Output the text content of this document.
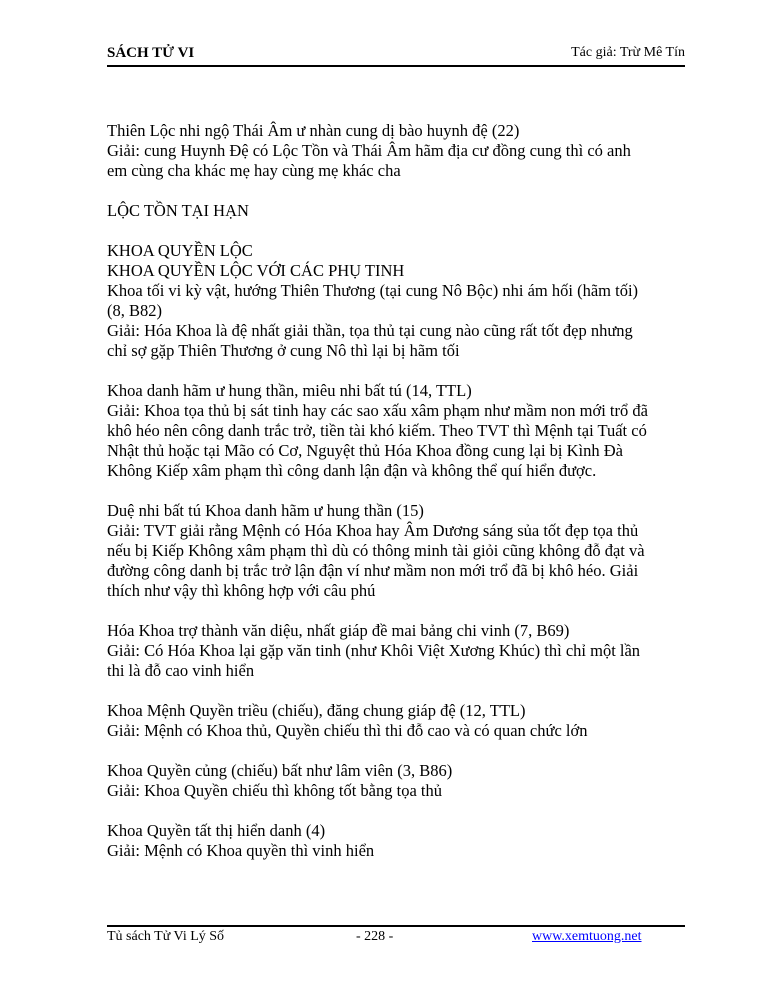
SÁCH TỬ VI	Tác giả: Trừ Mê Tín
Thiên Lộc nhi ngộ Thái Âm ư nhàn cung dị bào huynh đệ (22)
Giải: cung Huynh Đệ có Lộc Tồn và Thái Âm hãm địa cư đồng cung thì có anh
em cùng cha khác mẹ hay cùng mẹ khác cha
LỘC TỒN TẠI HẠN
KHOA QUYỀN LỘC
KHOA QUYỀN LỘC VỚI CÁC PHỤ TINH
Khoa tối vi kỳ vật, hướng Thiên Thương (tại cung Nô Bộc) nhi ám hối (hãm tối)
(8, B82)
Giải: Hóa Khoa là đệ nhất giải thần, tọa thủ tại cung nào cũng rất tốt đẹp nhưng
chỉ sợ gặp Thiên Thương ở cung Nô thì lại bị hãm tối
Khoa danh hãm ư hung thần, miêu nhi bất tú (14, TTL)
Giải: Khoa tọa thủ bị sát tinh hay các sao xấu xâm phạm như mầm non mới trổ đã
khô héo nên công danh trắc trở, tiền tài khó kiếm. Theo TVT thì Mệnh tại Tuất có
Nhật thủ hoặc tại Mão có Cơ, Nguyệt thủ Hóa Khoa đồng cung lại bị Kình Đà
Không Kiếp xâm phạm thì công danh lận đận và không thể quí hiển được.
Duệ nhi bất tú Khoa danh hãm ư hung thần (15)
Giải: TVT giải rằng Mệnh có Hóa Khoa hay Âm Dương sáng sủa tốt đẹp tọa thủ
nếu bị Kiếp Không xâm phạm thì dù có thông minh tài giỏi cũng không đỗ đạt và
đường công danh bị trắc trở lận đận ví như mầm non mới trổ đã bị khô héo. Giải
thích như vậy thì không hợp với câu phú
Hóa Khoa trợ thành văn diệu, nhất giáp đề mai bảng chi vinh (7, B69)
Giải: Có Hóa Khoa lại gặp văn tinh (như Khôi Việt Xương Khúc) thì chỉ một lần
thi là đỗ cao vinh hiển
Khoa Mệnh Quyền triều (chiếu), đăng chung giáp đệ (12, TTL)
Giải: Mệnh có Khoa thủ, Quyền chiếu thì thi đỗ cao và có quan chức lớn
Khoa Quyền củng (chiếu) bất như lâm viên (3, B86)
Giải: Khoa Quyền chiếu thì không tốt bằng tọa thủ
Khoa Quyền tất thị hiển danh (4)
Giải: Mệnh có Khoa quyền thì vinh hiển
Tủ sách Tử Vi Lý Số	- 228 -	www.xemtuong.net
